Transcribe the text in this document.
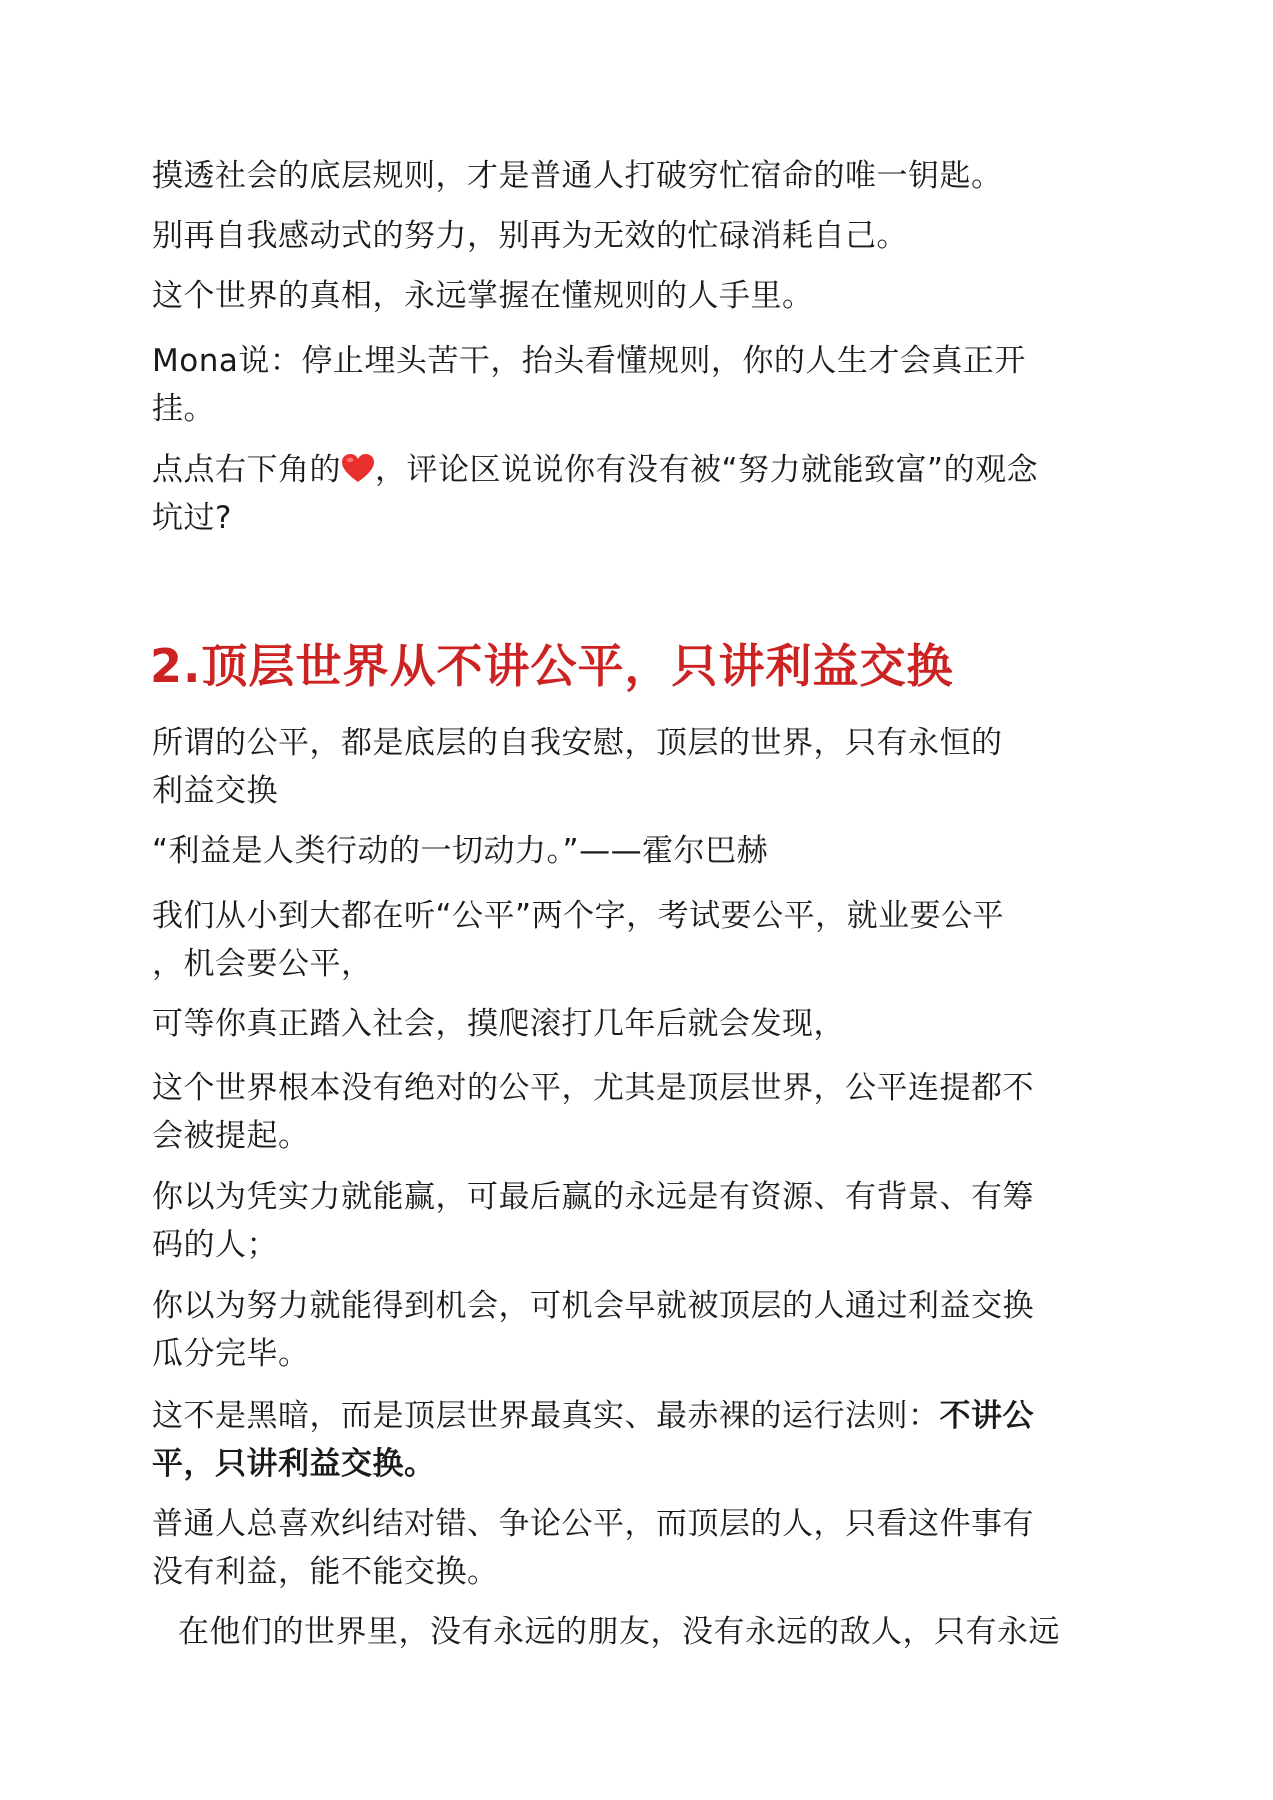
摸透社会的底层规则，才是普通人打破穷忙宿命的唯一钥匙。
别再自我感动式的努力，别再为无效的忙碌消耗自己。
这个世界的真相，永远掌握在懂规则的人手里。
Mona说：停止埋头苦干，抬头看懂规则，你的人生才会真正开
挂。
点点右下角的 ，评论区说说你有没有被“努力就能致富”的观念
坑过?
2.顶层世界从不讲公平，只讲利益交换
所谓的公平，都是底层的自我安慰，顶层的世界，只有永恒的
利益交换
“利益是人类行动的一切动力。”——霍尔巴赫
我们从小到大都在听“公平”两个字，考试要公平，就业要公平
，机会要公平，
可等你真正踏入社会，摸爬滚打几年后就会发现，
这个世界根本没有绝对的公平，尤其是顶层世界，公平连提都不
会被提起。
你以为凭实力就能赢，可最后赢的永远是有资源、有背景、有筹
码的人；
你以为努力就能得到机会，可机会早就被顶层的人通过利益交换
瓜分完毕。
这不是黑暗，而是顶层世界最真实、最赤裸的运行法则：不讲公
平，只讲利益交换。
普通人总喜欢纠结对错、争论公平，而顶层的人，只看这件事有
没有利益，能不能交换。
在他们的世界里，没有永远的朋友，没有永远的敌人，只有永远
